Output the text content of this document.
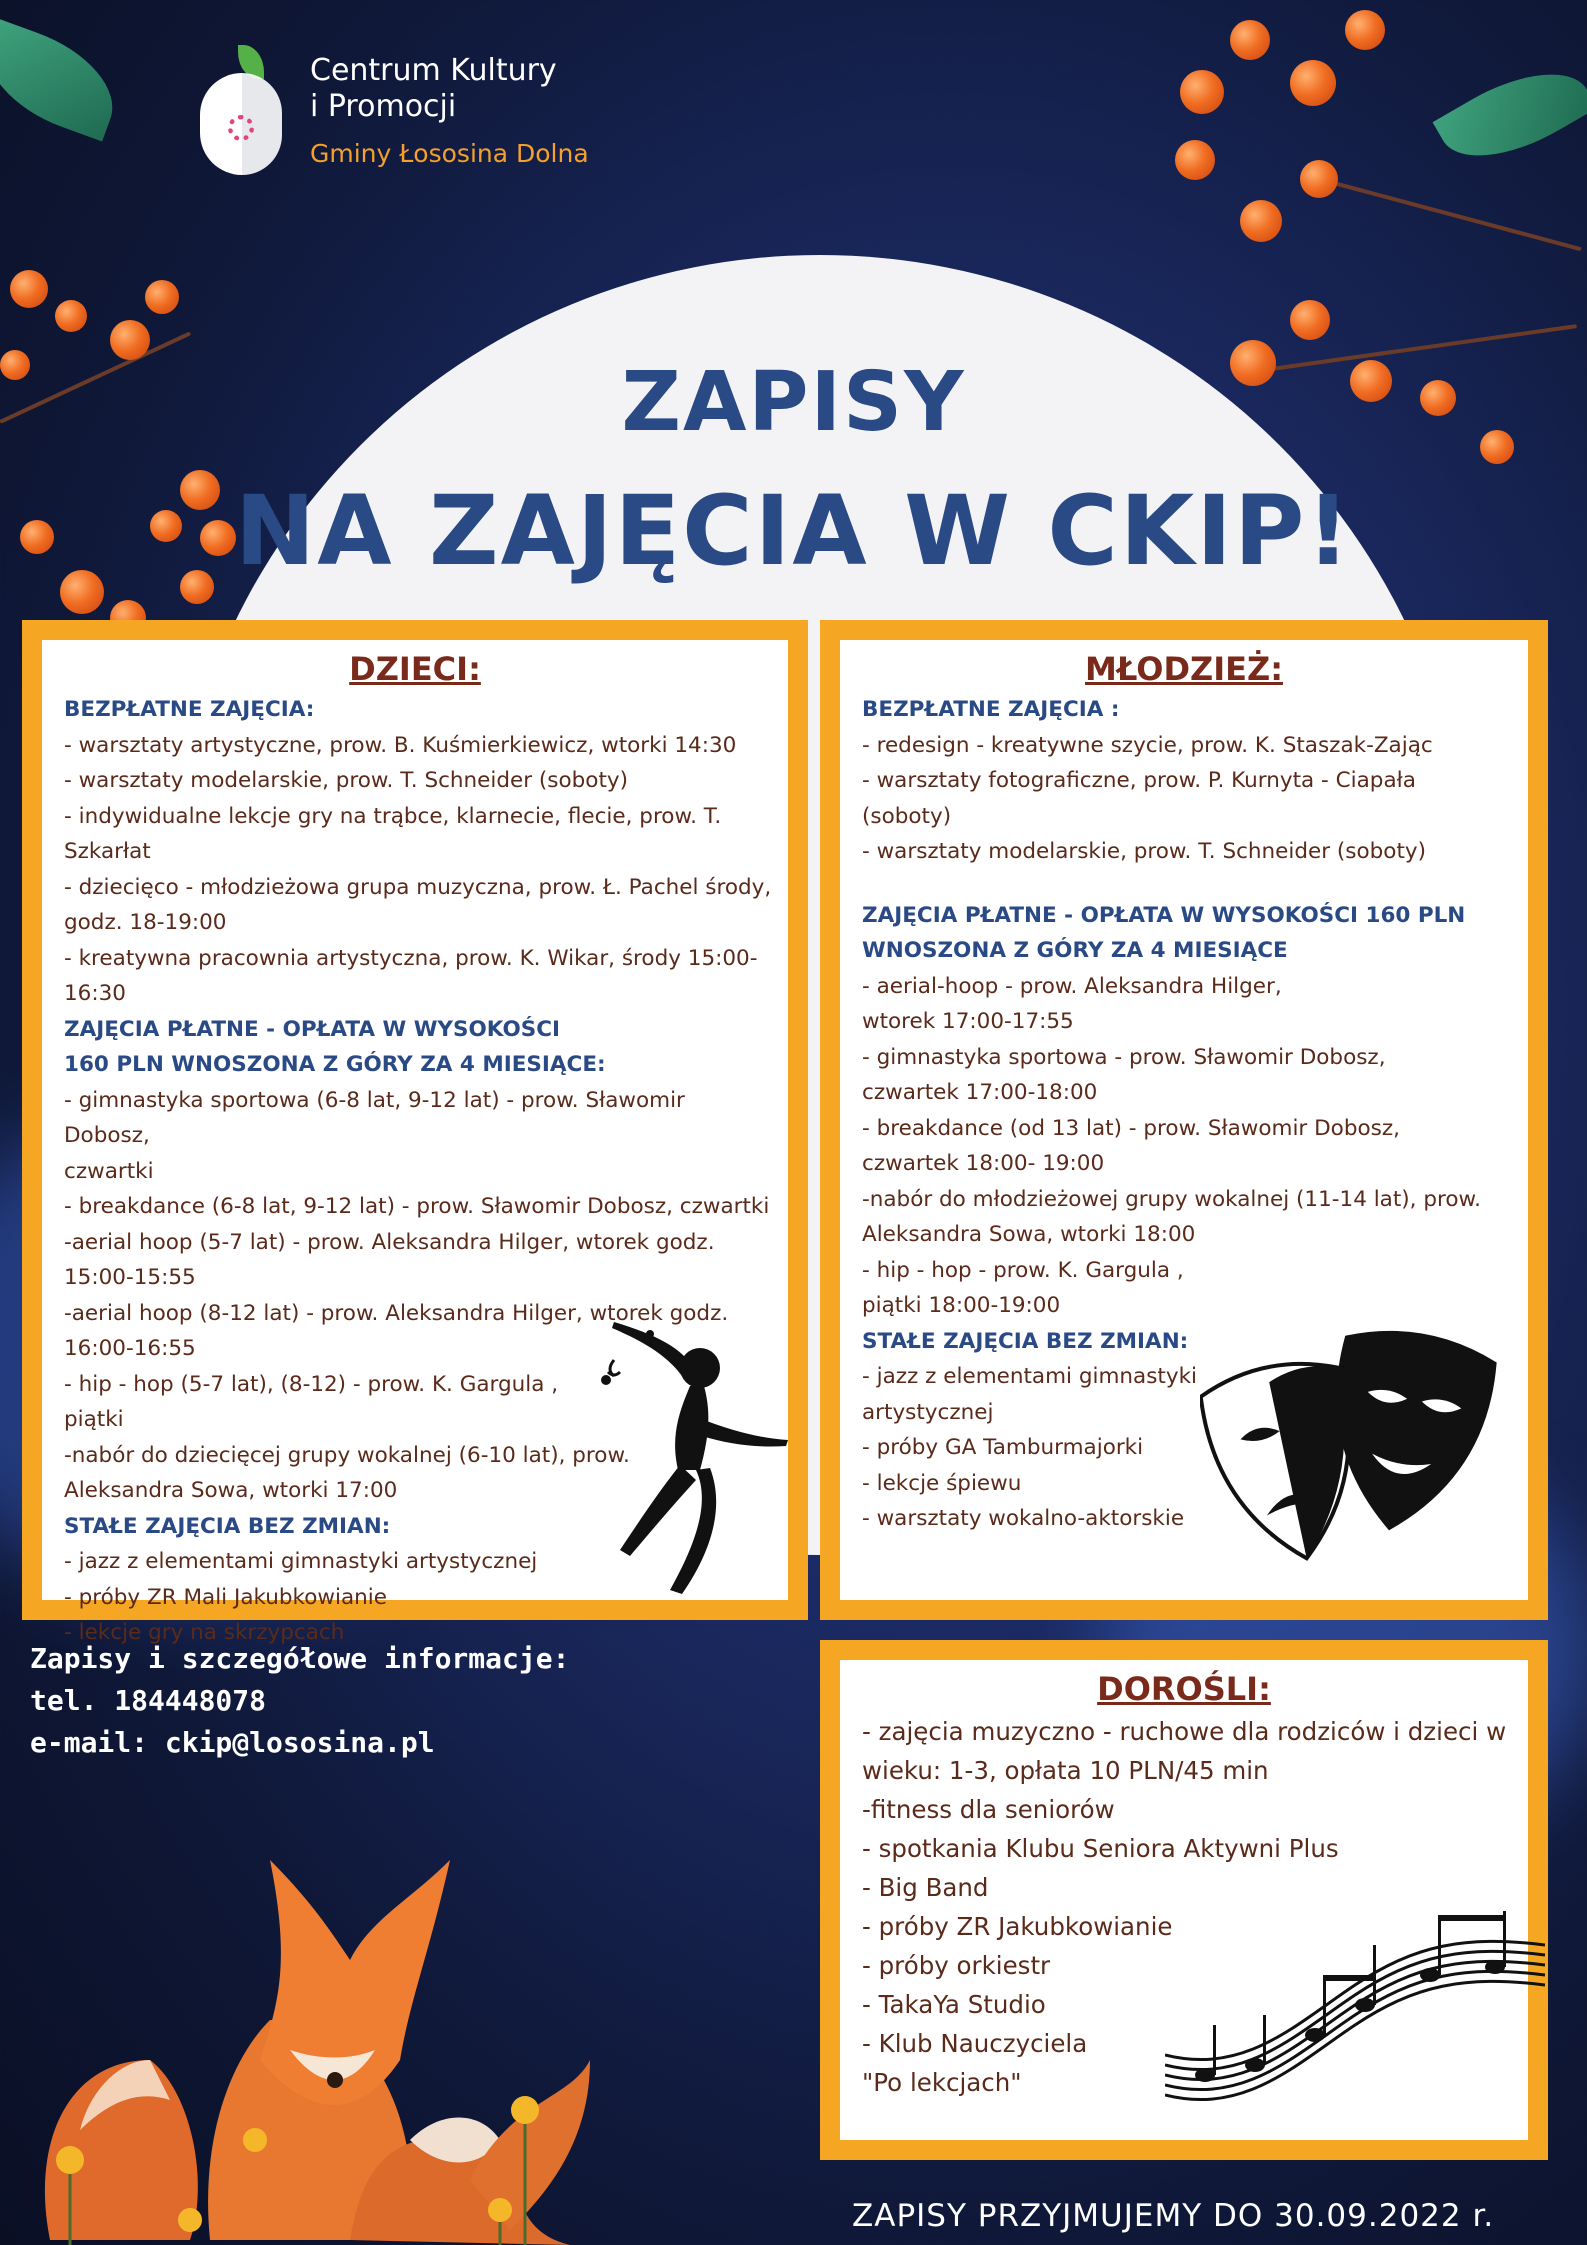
Centrum Kultury
i Promocji
Gminy Łososina Dolna
ZAPISY
NA ZAJĘCIA W CKIP!
DZIECI:
BEZPŁATNE ZAJĘCIA:
- warsztaty artystyczne, prow. B. Kuśmierkiewicz, wtorki 14:30
- warsztaty modelarskie, prow. T. Schneider (soboty)
- indywidualne lekcje gry na trąbce, klarnecie, flecie, prow. T.
Szkarłat
- dziecięco - młodzieżowa grupa muzyczna, prow. Ł. Pachel środy,
godz. 18-19:00
- kreatywna pracownia artystyczna, prow. K. Wikar, środy 15:00-
16:30
ZAJĘCIA PŁATNE - OPŁATA W WYSOKOŚCI
160 PLN WNOSZONA Z GÓRY ZA 4 MIESIĄCE:
- gimnastyka sportowa (6-8 lat, 9-12 lat) - prow. Sławomir Dobosz,
czwartki
- breakdance (6-8 lat, 9-12 lat) - prow. Sławomir Dobosz, czwartki
-aerial hoop (5-7 lat) - prow. Aleksandra Hilger, wtorek godz.
15:00-15:55
-aerial hoop (8-12 lat) - prow. Aleksandra Hilger, wtorek godz.
16:00-16:55
- hip - hop (5-7 lat), (8-12) - prow. K. Gargula ,
piątki
-nabór do dziecięcej grupy wokalnej (6-10 lat), prow.
Aleksandra Sowa, wtorki 17:00
STAŁE ZAJĘCIA BEZ ZMIAN:
- jazz z elementami gimnastyki artystycznej
- próby ZR Mali Jakubkowianie
- lekcje gry na skrzypcach
MŁODZIEŻ:
BEZPŁATNE ZAJĘCIA :
- redesign - kreatywne szycie, prow. K. Staszak-Zając
- warsztaty fotograficzne, prow. P. Kurnyta - Ciapała
(soboty)
- warsztaty modelarskie, prow. T. Schneider (soboty)
ZAJĘCIA PŁATNE - OPŁATA W WYSOKOŚCI 160 PLN
WNOSZONA Z GÓRY ZA 4 MIESIĄCE
- aerial-hoop - prow. Aleksandra Hilger,
wtorek 17:00-17:55
- gimnastyka sportowa - prow. Sławomir Dobosz,
czwartek 17:00-18:00
- breakdance (od 13 lat) - prow. Sławomir Dobosz,
czwartek 18:00- 19:00
-nabór do młodzieżowej grupy wokalnej (11-14 lat), prow.
Aleksandra Sowa, wtorki 18:00
- hip - hop - prow. K. Gargula ,
piątki 18:00-19:00
STAŁE ZAJĘCIA BEZ ZMIAN:
- jazz z elementami gimnastyki
artystycznej
- próby GA Tamburmajorki
- lekcje śpiewu
- warsztaty wokalno-aktorskie
DOROŚLI:
- zajęcia muzyczno - ruchowe dla rodziców i dzieci w
wieku: 1-3, opłata 10 PLN/45 min
-fitness dla seniorów
- spotkania Klubu Seniora Aktywni Plus
- Big Band
- próby ZR Jakubkowianie
- próby orkiestr
- TakaYa Studio
- Klub Nauczyciela
"Po lekcjach"
Zapisy i szczegółowe informacje:
tel. 184448078
e-mail: ckip@lososina.pl
ZAPISY PRZYJMUJEMY DO 30.09.2022 r.
